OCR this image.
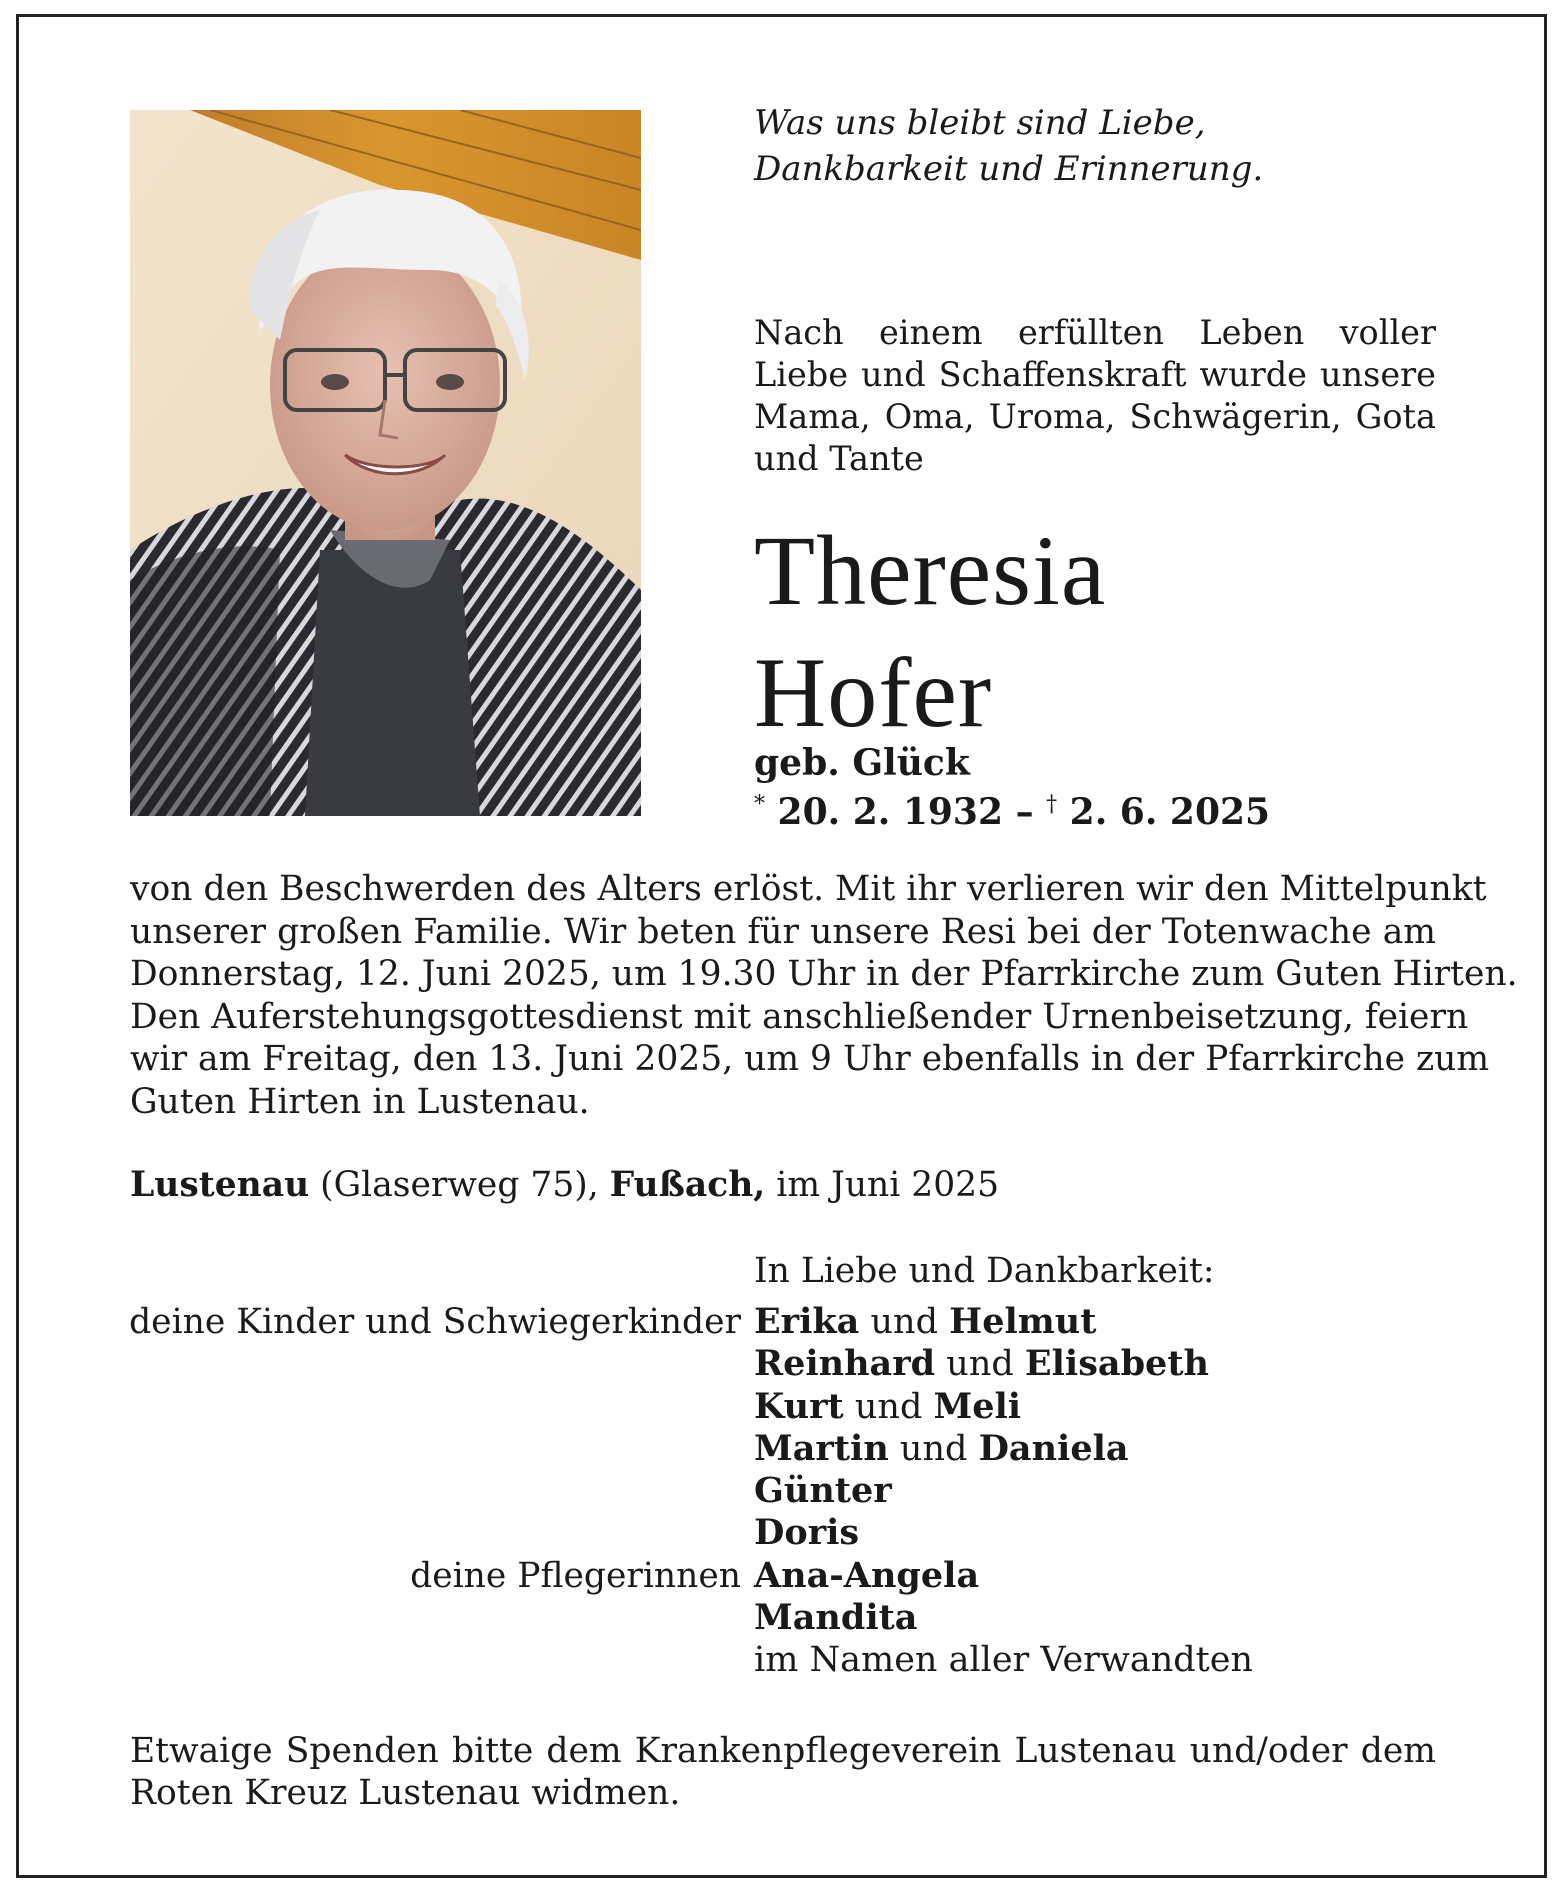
Was uns bleibt sind Liebe,
Dankbarkeit und Erinnerung.
Nach einem erfüllten Leben voller
Liebe und Schaffenskraft wurde unsere
Mama, Oma, Uroma, Schwägerin, Gota
und Tante
Theresia
Hofer
geb. Glück
* 20. 2. 1932 – † 2. 6. 2025
von den Beschwerden des Alters erlöst. Mit ihr verlieren wir den Mittelpunkt
unserer großen Familie. Wir beten für unsere Resi bei der Totenwache am
Donnerstag, 12. Juni 2025, um 19.30 Uhr in der Pfarrkirche zum Guten Hirten.
Den Auferstehungsgottesdienst mit anschließender Urnenbeisetzung, feiern
wir am Freitag, den 13. Juni 2025, um 9 Uhr ebenfalls in der Pfarrkirche zum
Guten Hirten in Lustenau.
Lustenau (Glaserweg 75), Fußach, im Juni 2025
In Liebe und Dankbarkeit:
deine Kinder und Schwiegerkinder
deine Pflegerinnen
Erika und Helmut
Reinhard und Elisabeth
Kurt und Meli
Martin und Daniela
Günter
Doris
Ana-Angela
Mandita
im Namen aller Verwandten
Etwaige Spenden bitte dem Krankenpflegeverein Lustenau und/oder dem
Roten Kreuz Lustenau widmen.
